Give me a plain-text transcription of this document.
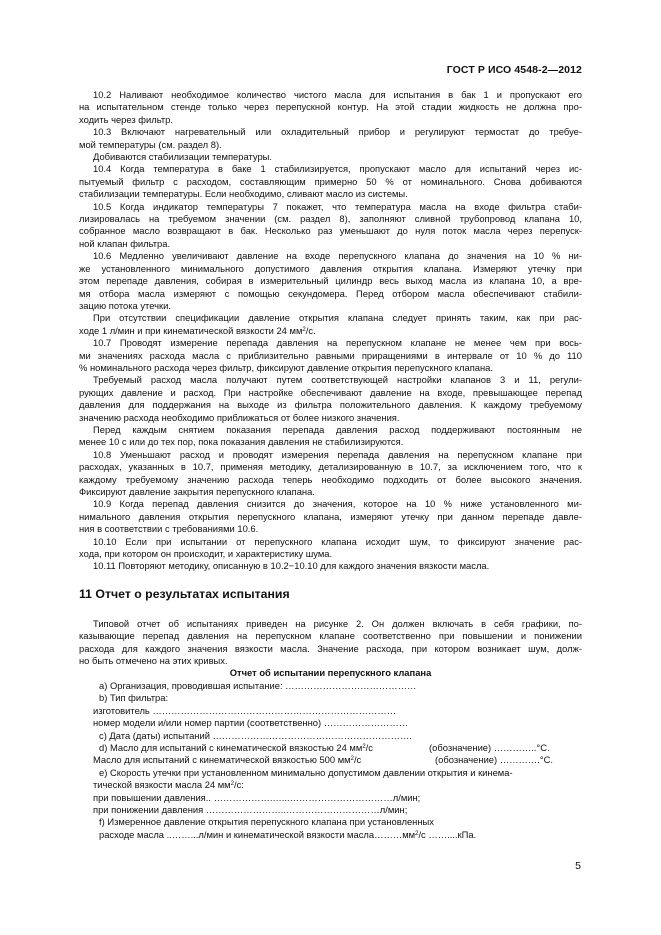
ГОСТ Р ИСО 4548-2—2012
10.2 Наливают необходимое количество чистого масла для испытания в бак 1 и пропускают его
на испытательном стенде только через перепускной контур. На этой стадии жидкость не должна про-
ходить через фильтр.
10.3 Включают нагревательный или охладительный прибор и регулируют термостат до требуе-
мой температуры (см. раздел 8).
Добиваются стабилизации температуры.
10.4 Когда температура в баке 1 стабилизируется, пропускают масло для испытаний через ис-
пытуемый фильтр с расходом, составляющим примерно 50 % от номинального. Снова добиваются
стабилизации температуры. Если необходимо, сливают масло из системы.
10.5 Когда индикатор температуры 7 покажет, что температура масла на входе фильтра стаби-
лизировалась на требуемом значении (см. раздел 8), заполняют сливной трубопровод клапана 10,
собранное масло возвращают в бак. Несколько раз уменьшают до нуля поток масла через перепуск-
ной клапан фильтра.
10.6 Медленно увеличивают давление на входе перепускного клапана до значения на 10 % ни-
же установленного минимального допустимого давления открытия клапана. Измеряют утечку при
этом перепаде давления, собирая в измерительный цилиндр весь выход масла из клапана 10, а вре-
мя отбора масла измеряют с помощью секундомера. Перед отбором масла обеспечивают стабили-
зацию потока утечки.
При отсутствии спецификации давление открытия клапана следует принять таким, как при рас-
ходе 1 л/мин и при кинематической вязкости 24 $мм^2/с$.
10.7 Проводят измерение перепада давления на перепускном клапане не менее чем при вось-
ми значениях расхода масла с приблизительно равными приращениями в интервале от 10 % до 110
% номинального расхода через фильтр, фиксируют давление открытия перепускного клапана.
Требуемый расход масла получают путем соответствующей настройки клапанов 3 и 11, регули-
рующих давление и расход. При настройке обеспечивают давление на входе, превышающее перепад
давления для поддержания на выходе из фильтра положительного давления. К каждому требуемому
значению расхода необходимо приближаться от более низкого значения.
Перед каждым снятием показания перепада давления расход поддерживают постоянным не
менее 10 с или до тех пор, пока показания давления не стабилизируются.
10.8 Уменьшают расход и проводят измерения перепада давления на перепускном клапане при
расходах, указанных в 10.7, применяя методику, детализированную в 10.7, за исключением того, что к
каждому требуемому значению расхода теперь необходимо подходить от более высокого значения.
Фиксируют давление закрытия перепускного клапана.
10.9 Когда перепад давления снизится до значения, которое на 10 % ниже установленного ми-
нимального давления открытия перепускного клапана, измеряют утечку при данном перепаде давле-
ния в соответствии с требованиями 10.6.
10.10 Если при испытании от перепускного клапана исходит шум, то фиксируют значение рас-
хода, при котором он происходит, и характеристику шума.
10.11 Повторяют методику, описанную в 10.2−10.10 для каждого значения вязкости масла.
11 Отчет о результатах испытания
Типовой отчет об испытаниях приведен на рисунке 2. Он должен включать в себя графики, по-
казывающие перепад давления на перепускном клапане соответственно при повышении и понижении
расхода для каждого значения вязкости масла. Значение расхода, при котором возникает шум, долж-
но быть отмечено на этих кривых.
Отчет об испытании перепускного клапана
а) Организация, проводившая испытание: ……………………………………
b) Тип фильтра:
изготовитель ……………………………………………………………………
номер модели и/или номер партии (соответственно) ………………………
с) Дата (даты) испытаний ……………………………………………………….
d) Масло для испытаний с кинематической вязкостью 24 $мм^2/с$	(обозначение) …………..°С.
Масло для испытаний с кинематической вязкостью 500 $мм^2/с$	(обозначение) ………….°С.
е) Скорость утечки при установленном минимально допустимом давлении открытия и кинема-
тической вязкости масла 24 $мм^2/с$:
при повышении давления.. ……………….…...……………………………л/мин;
при понижении давления ……………………..…………………………л/мин;
f) Измеренное давление открытия перепускного клапана при установленных
расходе масла ..……...л/мин и кинематической вязкости $масла\dots\dots\dots мм^2/с$ ……....кПа.
5
